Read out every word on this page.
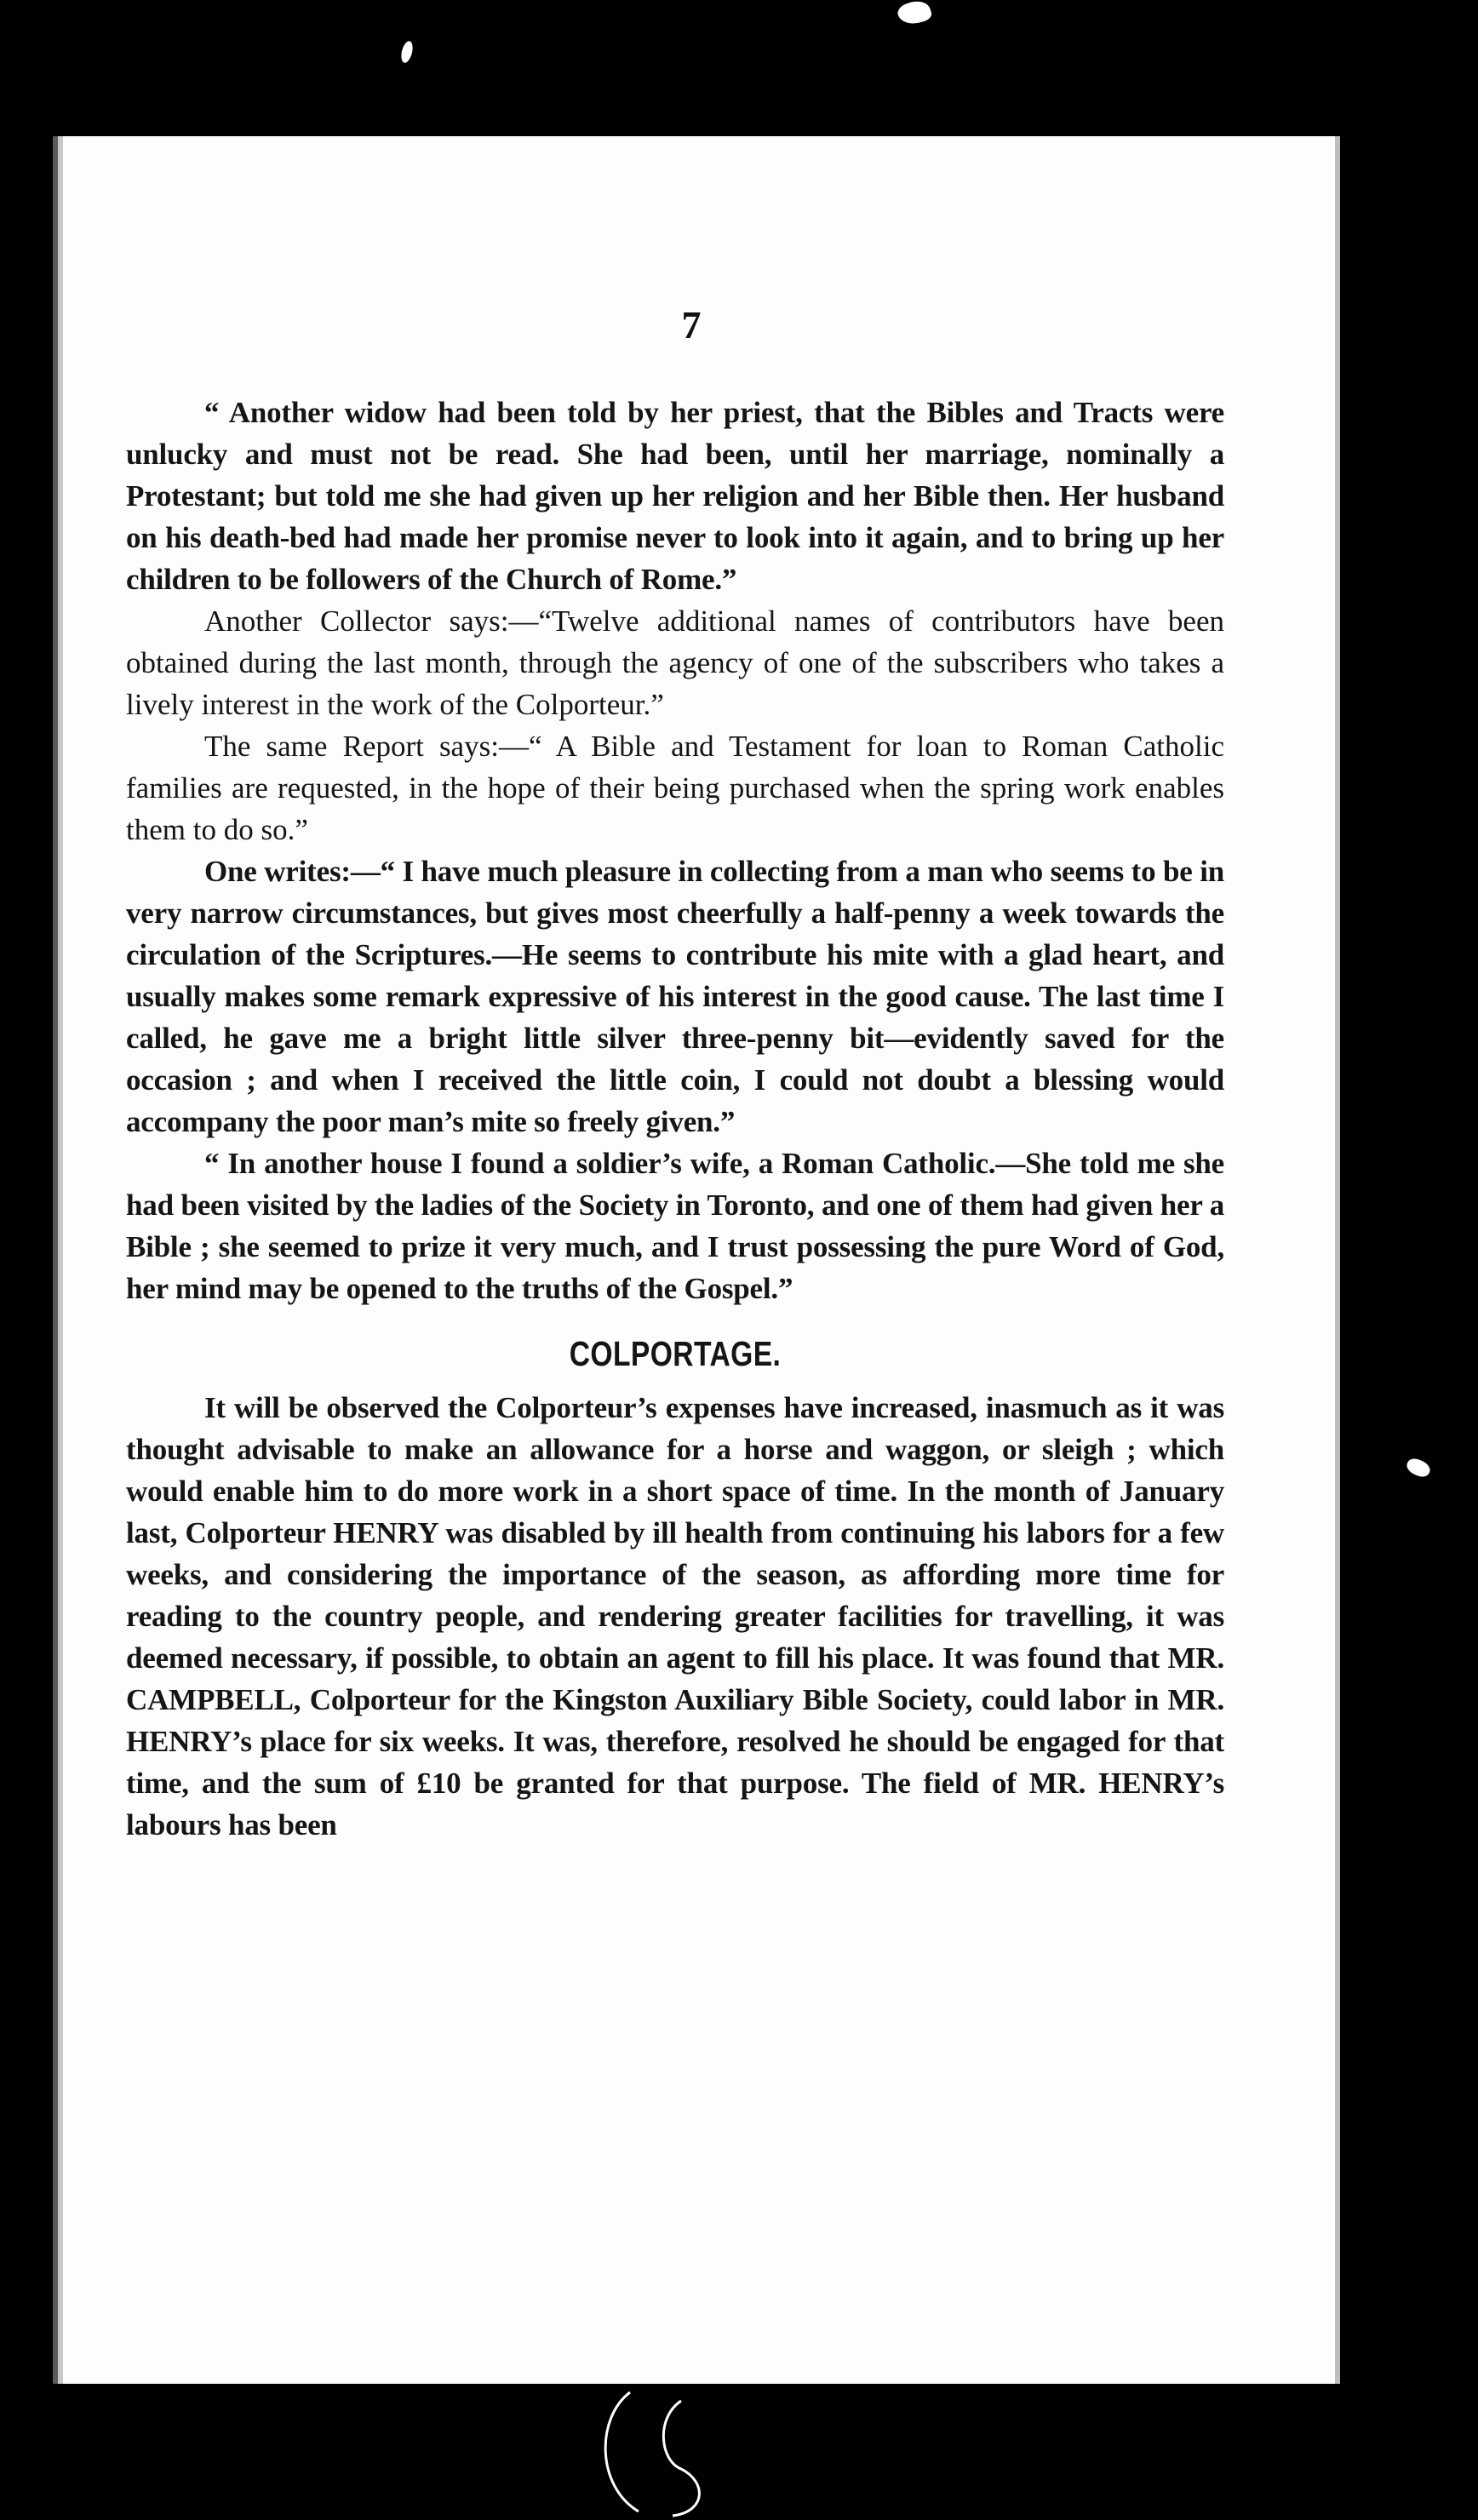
7

“ Another widow had been told by her priest, that the Bibles and Tracts were unlucky and must not be read. She had been, until her marriage, nominally a Protestant; but told me she had given up her religion and her Bible then. Her husband on his death-bed had made her promise never to look into it again, and to bring up her children to be followers of the Church of Rome.”

Another Collector says:—“Twelve additional names of contributors have been obtained during the last month, through the agency of one of the subscribers who takes a lively interest in the work of the Colporteur.”

The same Report says:—“ A Bible and Testament for loan to Roman Catholic families are requested, in the hope of their being purchased when the spring work enables them to do so.”

One writes:—“ I have much pleasure in collecting from a man who seems to be in very narrow circumstances, but gives most cheerfully a half-penny a week towards the circulation of the Scriptures.—He seems to contribute his mite with a glad heart, and usually makes some remark expressive of his interest in the good cause. The last time I called, he gave me a bright little silver three-penny bit—evidently saved for the occasion ; and when I received the little coin, I could not doubt a blessing would accompany the poor man’s mite so freely given.”

“ In another house I found a soldier’s wife, a Roman Catholic.—She told me she had been visited by the ladies of the Society in Toronto, and one of them had given her a Bible ; she seemed to prize it very much, and I trust possessing the pure Word of God, her mind may be opened to the truths of the Gospel.”

COLPORTAGE.

It will be observed the Colporteur’s expenses have increased, inasmuch as it was thought advisable to make an allowance for a horse and waggon, or sleigh ; which would enable him to do more work in a short space of time. In the month of January last, Colporteur HENRY was disabled by ill health from continuing his labors for a few weeks, and considering the importance of the season, as affording more time for reading to the country people, and rendering greater facilities for travelling, it was deemed necessary, if possible, to obtain an agent to fill his place. It was found that MR. CAMPBELL, Colporteur for the Kingston Auxiliary Bible Society, could labor in MR. HENRY’s place for six weeks. It was, therefore, resolved he should be engaged for that time, and the sum of £10 be granted for that purpose. The field of MR. HENRY’s labours has been
